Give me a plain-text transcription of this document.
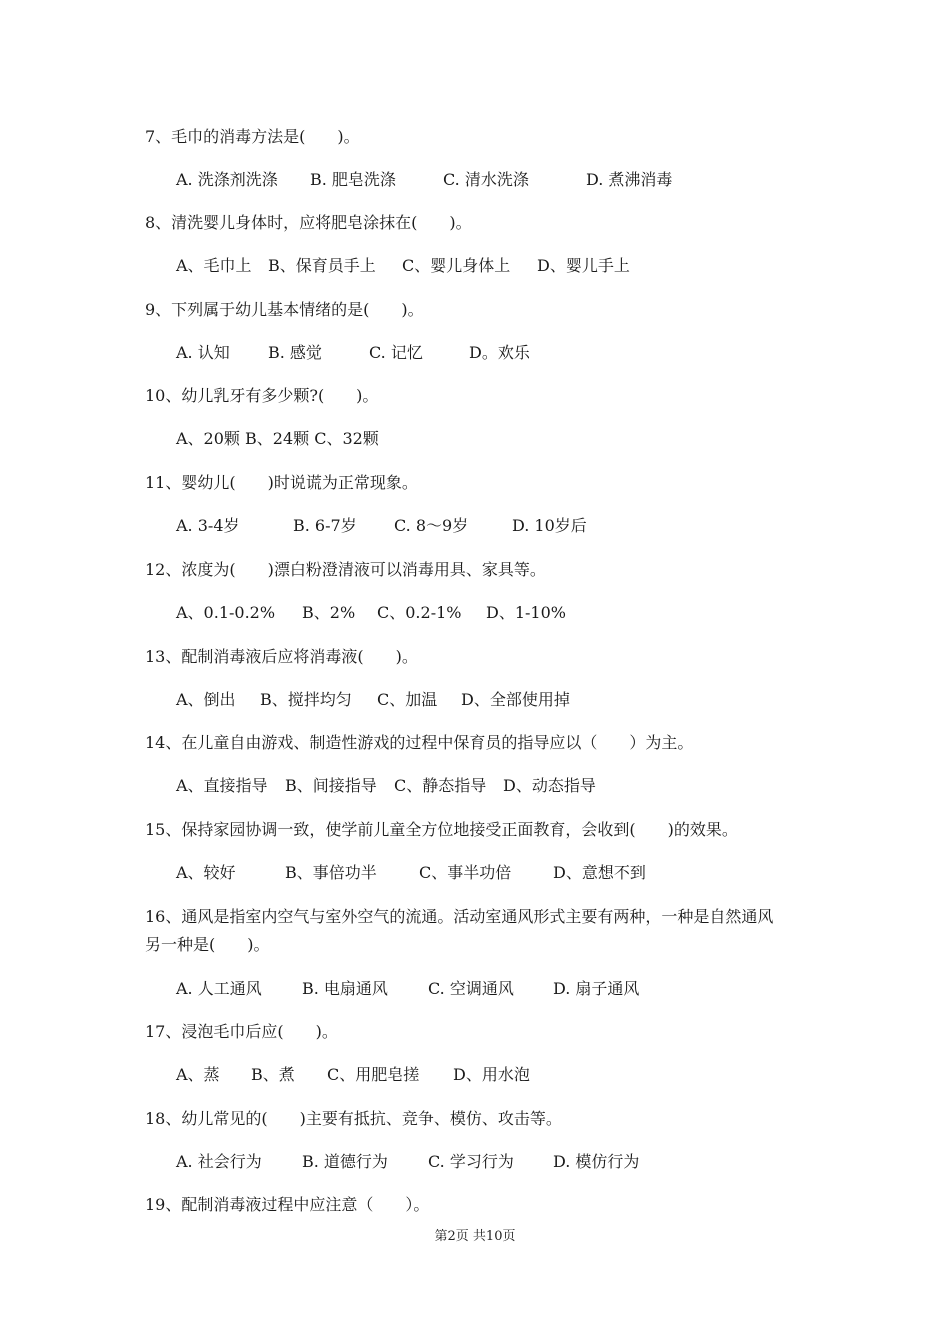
7、毛巾的消毒方法是(　　)。
A. 洗涤剂洗涤 B. 肥皂洗涤	C. 清水洗涤	D. 煮沸消毒
8、清洗婴儿身体时，应将肥皂涂抹在(　　)。
A、毛巾上 B、保育员手上 C、婴儿身体上 D、婴儿手上
9、下列属于幼儿基本情绪的是(　　)。
A. 认知 B. 感觉	C. 记忆	D。欢乐
10、幼儿乳牙有多少颗?(　　)。
A、20颗 B、24颗 C、32颗
11、婴幼儿(　　)时说谎为正常现象。
A. 3-4岁	B. 6-7岁 C. 8～9岁	D. 10岁后
12、浓度为(　　)漂白粉澄清液可以消毒用具、家具等。
A、0.1-0.2% B、2% C、0.2-1% D、1-10%
13、配制消毒液后应将消毒液(　　)。
A、倒出 B、搅拌均匀 C、加温 D、全部使用掉
14、在儿童自由游戏、制造性游戏的过程中保育员的指导应以（　　）为主。
A、直接指导 B、间接指导 C、静态指导 D、动态指导
15、保持家园协调一致，使学前儿童全方位地接受正面教育，会收到(　　)的效果。
A、较好	B、事倍功半	C、事半功倍	D、意想不到
16、通风是指室内空气与室外空气的流通。活动室通风形式主要有两种，一种是自然通风
另一种是(　　)。
A. 人工通风	B. 电扇通风	C. 空调通风 D. 扇子通风
17、浸泡毛巾后应(　　)。
A、蒸 B、煮 C、用肥皂搓 D、用水泡
18、幼儿常见的(　　)主要有抵抗、竞争、模仿、攻击等。
A. 社会行为	B. 道德行为	C. 学习行为 D. 模仿行为
19、配制消毒液过程中应注意（　　）。
第2页 共10页
